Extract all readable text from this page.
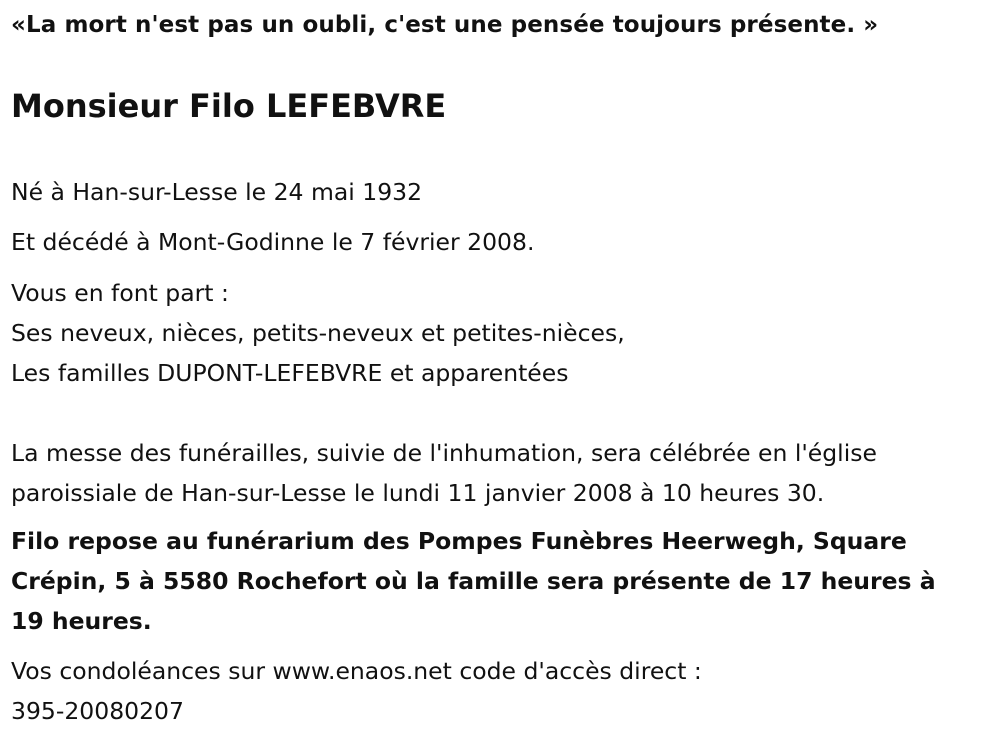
«La mort n'est pas un oubli, c'est une pensée toujours présente. »
Monsieur Filo LEFEBVRE
Né à Han-sur-Lesse le 24 mai 1932
Et décédé à Mont-Godinne le 7 février 2008.
Vous en font part :
Ses neveux, nièces, petits-neveux et petites-nièces,
Les familles DUPONT-LEFEBVRE et apparentées
La messe des funérailles, suivie de l'inhumation, sera célébrée en l'église
paroissiale de Han-sur-Lesse le lundi 11 janvier 2008 à 10 heures 30.
Filo repose au funérarium des Pompes Funèbres Heerwegh, Square
Crépin, 5 à 5580 Rochefort où la famille sera présente de 17 heures à
19 heures.
Vos condoléances sur www.enaos.net code d'accès direct :
395-20080207
